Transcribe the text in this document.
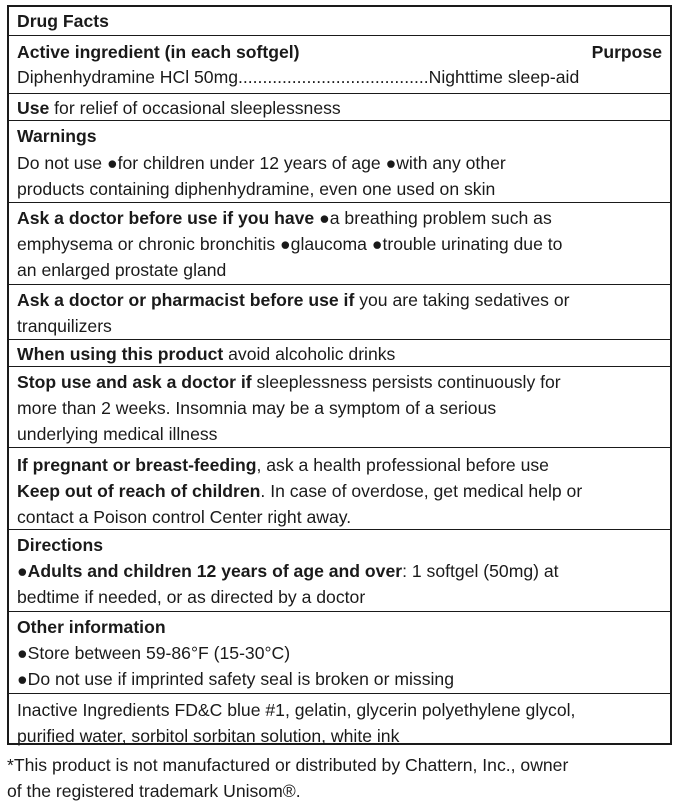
Drug Facts
Active ingredient (in each softgel)	Purpose
Diphenhydramine HCl 50mg.......................................Nighttime sleep-aid
Use for relief of occasional sleeplessness
Warnings
Do not use ●for children under 12 years of age ●with any other
products containing diphenhydramine, even one used on skin
Ask a doctor before use if you have ●a breathing problem such as
emphysema or chronic bronchitis ●glaucoma ●trouble urinating due to
an enlarged prostate gland
Ask a doctor or pharmacist before use if you are taking sedatives or
tranquilizers
When using this product avoid alcoholic drinks
Stop use and ask a doctor if sleeplessness persists continuously for
more than 2 weeks. Insomnia may be a symptom of a serious
underlying medical illness
If pregnant or breast-feeding, ask a health professional before use
Keep out of reach of children. In case of overdose, get medical help or
contact a Poison control Center right away.
Directions
●Adults and children 12 years of age and over: 1 softgel (50mg) at
bedtime if needed, or as directed by a doctor
Other information
●Store between 59-86°F (15-30°C)
●Do not use if imprinted safety seal is broken or missing
Inactive Ingredients FD&C blue #1, gelatin, glycerin polyethylene glycol,
purified water, sorbitol sorbitan solution, white ink
*This product is not manufactured or distributed by Chattern, Inc., owner
of the registered trademark Unisom®.
